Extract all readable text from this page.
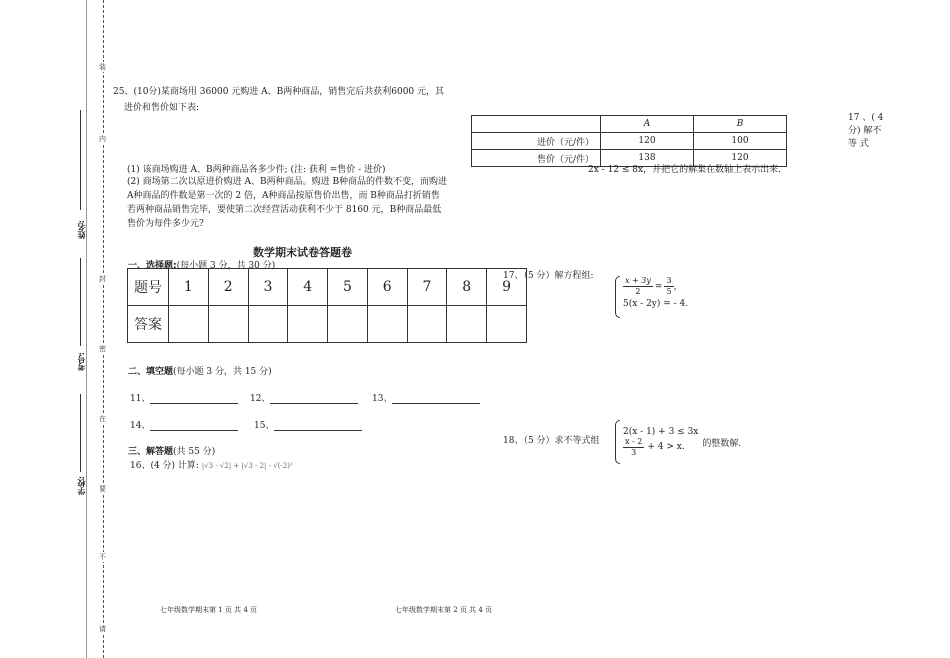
装
内
封
密
在
要
不
请
姓名:
考号:
学校:
25、(10分)某商场用 36000 元购进 A、B两种商品，销售完后共获利6000 元，其
进价和售价如下表:
(1) 该商场购进 A、B两种商品各多少件; (注: 获利 =售价 - 进价)
(2) 商场第二次以原进价购进 A、B两种商品。购进 B种商品的件数不变，而购进
A种商品的件数是第一次的 2 倍，A种商品按原售价出售，而 B种商品打折销售
若两种商品销售完毕，要使第二次经营活动获利不少于 8160 元，B种商品最低
售价为每件多少元?
	A	B
进价（元/件）	120	100
售价（元/件）	138	120
2x - 12 ≤ 8x，并把它的解集在数轴上表示出来.
17 、( 4
分) 解不
等 式
数学期末试卷答题卷
一、选择题:(每小题 3 分，共 30 分)
题号	1	2	3	4	5	6	7	8	9
答案									
二、填空题(每小题 3 分，共 15 分)
11、	12、	13、
14、	15、
三、解答题(共 55 分)
16、(4 分) 计算: |√3 - √2| + |√3 - 2| - √(-2)²
17、（5 分）解方程组:	$\frac{x + 3y}{2} = \frac{3}{5}$ ,
5(x - 2y) = - 4.
18、（5 分）求不等式组
2(x - 1) + 3 ≤ 3x
$\frac{x - 2}{3} + 4 > x$. 的整数解.
七年级数学期末第 1 页 共 4 页	七年级数学期末第 2 页 共 4 页
